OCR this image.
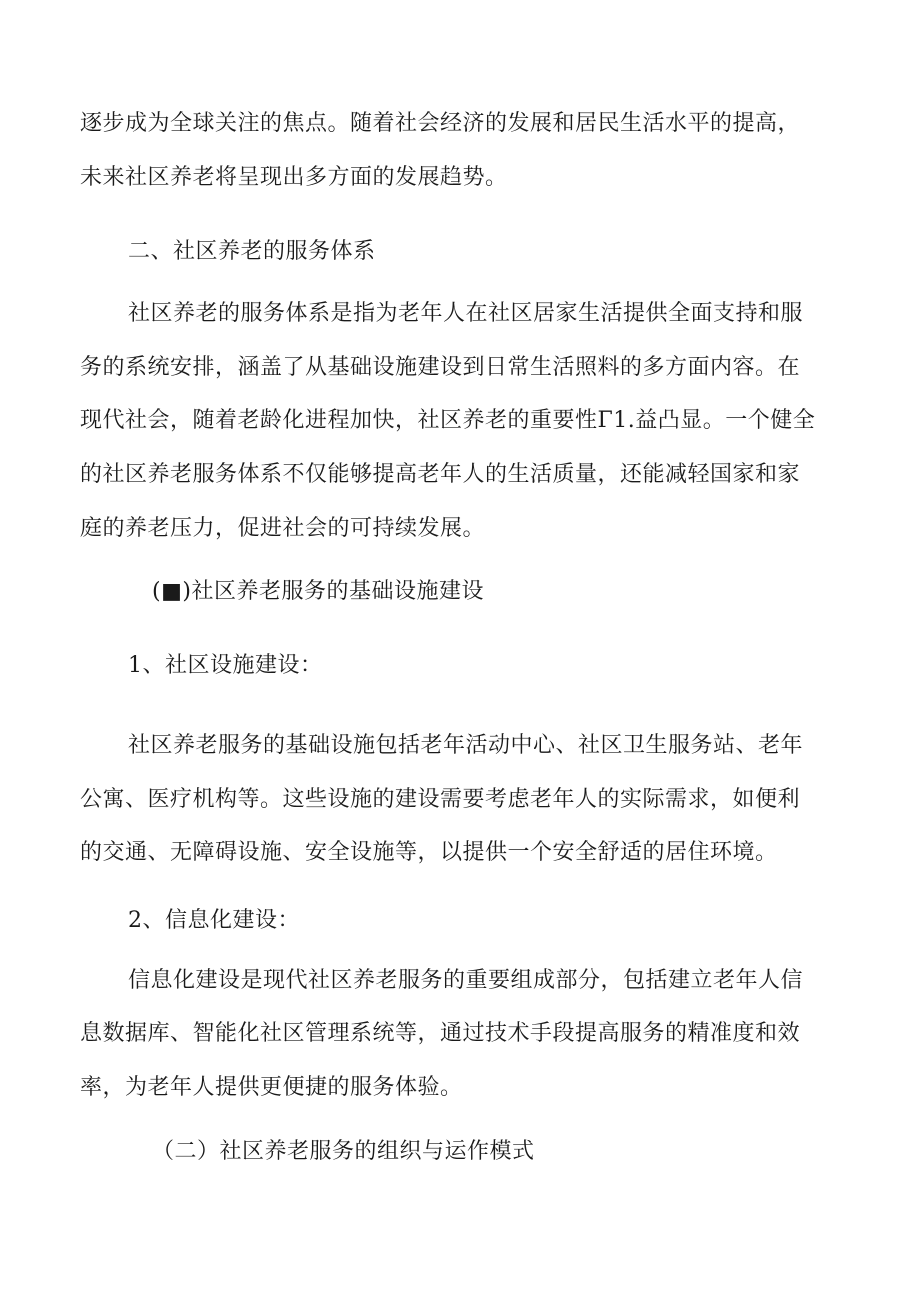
逐步成为全球关注的焦点。随着社会经济的发展和居民生活水平的提高，
未来社区养老将呈现出多方面的发展趋势。
二、社区养老的服务体系
社区养老的服务体系是指为老年人在社区居家生活提供全面支持和服
务的系统安排，涵盖了从基础设施建设到日常生活照料的多方面内容。在
现代社会，随着老龄化进程加快，社区养老的重要性Γ1.益凸显。一个健全
的社区养老服务体系不仅能够提高老年人的生活质量，还能减轻国家和家
庭的养老压力，促进社会的可持续发展。
(■)社区养老服务的基础设施建设
1、社区设施建设：
社区养老服务的基础设施包括老年活动中心、社区卫生服务站、老年
公寓、医疗机构等。这些设施的建设需要考虑老年人的实际需求，如便利
的交通、无障碍设施、安全设施等，以提供一个安全舒适的居住环境。
2、信息化建设：
信息化建设是现代社区养老服务的重要组成部分，包括建立老年人信
息数据库、智能化社区管理系统等，通过技术手段提高服务的精准度和效
率，为老年人提供更便捷的服务体验。
（二）社区养老服务的组织与运作模式
